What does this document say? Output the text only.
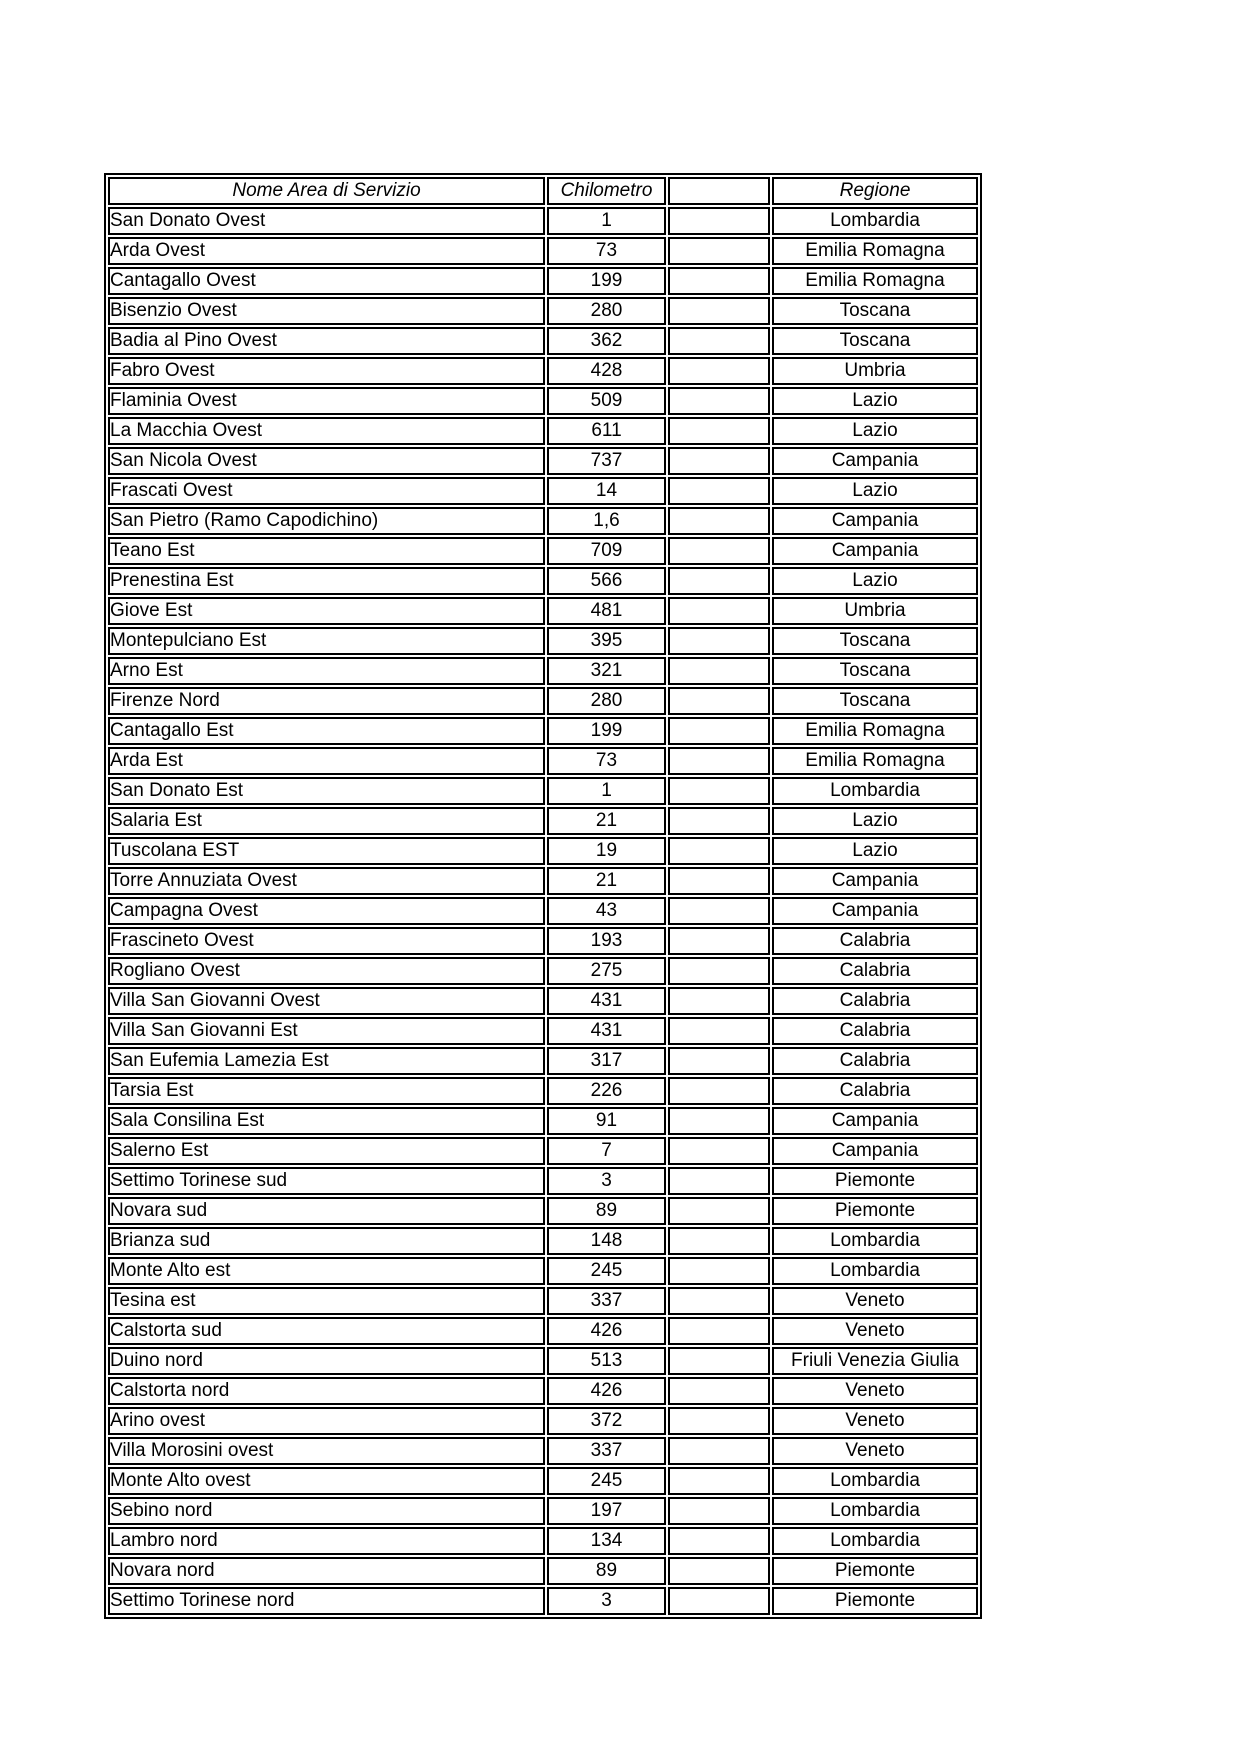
Nome Area di Servizio	Chilometro		Regione
San Donato Ovest	1		Lombardia
Arda Ovest	73		Emilia Romagna
Cantagallo Ovest	199		Emilia Romagna
Bisenzio Ovest	280		Toscana
Badia al Pino Ovest	362		Toscana
Fabro Ovest	428		Umbria
Flaminia Ovest	509		Lazio
La Macchia Ovest	611		Lazio
San Nicola Ovest	737		Campania
Frascati Ovest	14		Lazio
San Pietro (Ramo Capodichino)	1,6		Campania
Teano Est	709		Campania
Prenestina Est	566		Lazio
Giove Est	481		Umbria
Montepulciano Est	395		Toscana
Arno Est	321		Toscana
Firenze Nord	280		Toscana
Cantagallo Est	199		Emilia Romagna
Arda Est	73		Emilia Romagna
San Donato Est	1		Lombardia
Salaria Est	21		Lazio
Tuscolana EST	19		Lazio
Torre Annuziata Ovest	21		Campania
Campagna Ovest	43		Campania
Frascineto Ovest	193		Calabria
Rogliano Ovest	275		Calabria
Villa San Giovanni Ovest	431		Calabria
Villa San Giovanni Est	431		Calabria
San Eufemia Lamezia Est	317		Calabria
Tarsia Est	226		Calabria
Sala Consilina Est	91		Campania
Salerno Est	7		Campania
Settimo Torinese sud	3		Piemonte
Novara sud	89		Piemonte
Brianza sud	148		Lombardia
Monte Alto est	245		Lombardia
Tesina est	337		Veneto
Calstorta sud	426		Veneto
Duino nord	513		Friuli Venezia Giulia
Calstorta nord	426		Veneto
Arino ovest	372		Veneto
Villa Morosini ovest	337		Veneto
Monte Alto ovest	245		Lombardia
Sebino nord	197		Lombardia
Lambro nord	134		Lombardia
Novara nord	89		Piemonte
Settimo Torinese nord	3		Piemonte
